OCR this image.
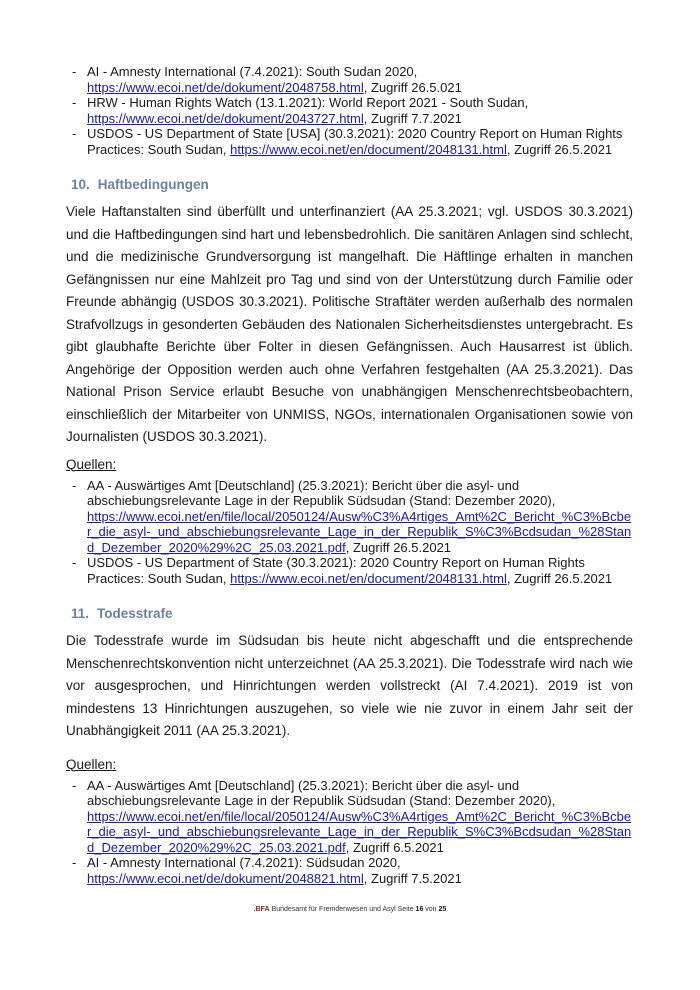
- AI - Amnesty International (7.4.2021): South Sudan 2020,
https://www.ecoi.net/de/dokument/2048758.html, Zugriff 26.5.021
- HRW - Human Rights Watch (13.1.2021): World Report 2021 - South Sudan,
https://www.ecoi.net/de/dokument/2043727.html, Zugriff 7.7.2021
- USDOS - US Department of State [USA] (30.3.2021): 2020 Country Report on Human Rights Practices: South Sudan, https://www.ecoi.net/en/document/2048131.html, Zugriff 26.5.2021
10. Haftbedingungen

Viele Haftanstalten sind überfüllt und unterfinanziert (AA 25.3.2021; vgl. USDOS 30.3.2021) und die Haftbedingungen sind hart und lebensbedrohlich. Die sanitären Anlagen sind schlecht, und die medizinische Grundversorgung ist mangelhaft. Die Häftlinge erhalten in manchen Gefängnissen nur eine Mahlzeit pro Tag und sind von der Unterstützung durch Familie oder Freunde abhängig (USDOS 30.3.2021). Politische Straftäter werden außerhalb des normalen Strafvollzugs in gesonderten Gebäuden des Nationalen Sicherheitsdienstes untergebracht. Es gibt glaubhafte Berichte über Folter in diesen Gefängnissen. Auch Hausarrest ist üblich. Angehörige der Opposition werden auch ohne Verfahren festgehalten (AA 25.3.2021). Das National Prison Service erlaubt Besuche von unabhängigen Menschenrechtsbeobachtern, einschließlich der Mitarbeiter von UNMISS, NGOs, internationalen Organisationen sowie von Journalisten (USDOS 30.3.2021).

Quellen:

- AA - Auswärtiges Amt [Deutschland] (25.3.2021): Bericht über die asyl- und abschiebungsrelevante Lage in der Republik Südsudan (Stand: Dezember 2020),
https://www.ecoi.net/en/file/local/2050124/Ausw%C3%A4rtiges_Amt%2C_Bericht_%C3%Bcber_die_asyl-_und_abschiebungsrelevante_Lage_in_der_Republik_S%C3%Bcdsudan_%28Stand_Dezember_2020%29%2C_25.03.2021.pdf, Zugriff 26.5.2021
- USDOS - US Department of State (30.3.2021): 2020 Country Report on Human Rights Practices: South Sudan, https://www.ecoi.net/en/document/2048131.html, Zugriff 26.5.2021
11. Todesstrafe

Die Todesstrafe wurde im Südsudan bis heute nicht abgeschafft und die entsprechende Menschenrechtskonvention nicht unterzeichnet (AA 25.3.2021). Die Todesstrafe wird nach wie vor ausgesprochen, und Hinrichtungen werden vollstreckt (AI 7.4.2021). 2019 ist von mindestens 13 Hinrichtungen auszugehen, so viele wie nie zuvor in einem Jahr seit der Unabhängigkeit 2011 (AA 25.3.2021).

Quellen:

- AA - Auswärtiges Amt [Deutschland] (25.3.2021): Bericht über die asyl- und abschiebungsrelevante Lage in der Republik Südsudan (Stand: Dezember 2020),
https://www.ecoi.net/en/file/local/2050124/Ausw%C3%A4rtiges_Amt%2C_Bericht_%C3%Bcber_die_asyl-_und_abschiebungsrelevante_Lage_in_der_Republik_S%C3%Bcdsudan_%28Stand_Dezember_2020%29%2C_25.03.2021.pdf, Zugriff 6.5.2021
- AI - Amnesty International (7.4.2021): Südsudan 2020,
https://www.ecoi.net/de/dokument/2048821.html, Zugriff 7.5.2021
.BFA Bundesamt für Fremdenwesen und Asyl Seite 16 von 25
